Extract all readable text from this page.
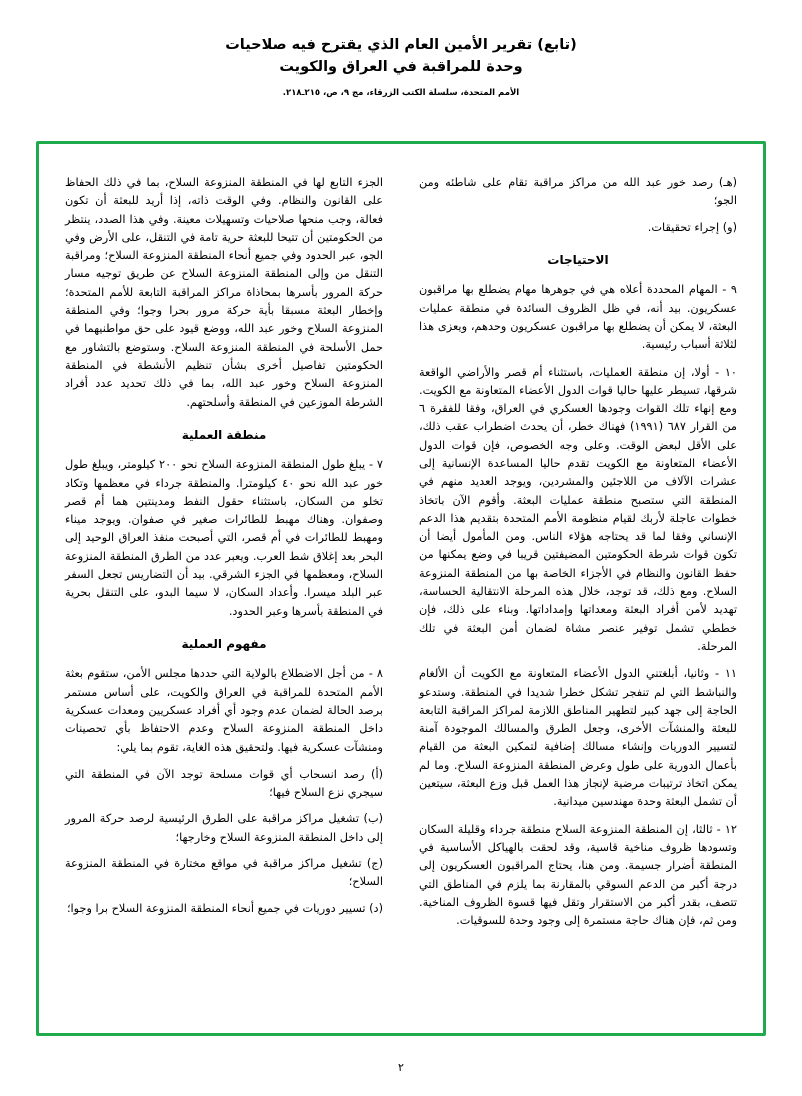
(تابع) تقرير الأمين العام الذي يقترح فيه صلاحيات
وحدة للمراقبة في العراق والكويت
الأمم المتحدة، سلسلة الكتب الزرقاء، مج ٩، ص، ٢١٥ـ٢١٨.

(هـ) رصد خور عبد الله من مراكز مراقبة تقام على شاطئه ومن الجو؛

(و) إجراء تحقيقات.

الاحتياجات

٩ - المهام المحددة أعلاه هي في جوهرها مهام يضطلع بها مراقبون عسكريون. بيد أنه، في ظل الظروف السائدة في منطقة عمليات البعثة، لا يمكن أن يضطلع بها مراقبون عسكريون وحدهم، ويعزى هذا لثلاثة أسباب رئيسية.

١٠ - أولا، إن منطقة العمليات، باستثناء أم قصر والأراضي الواقعة شرقها، تسيطر عليها حاليا قوات الدول الأعضاء المتعاونة مع الكويت. ومع إنهاء تلك القوات وجودها العسكري في العراق، وفقا للفقرة ٦ من القرار ٦٨٧ (١٩٩١) فهناك خطر، أن يحدث اضطراب عقب ذلك، على الأقل لبعض الوقت. وعلى وجه الخصوص، فإن قوات الدول الأعضاء المتعاونة مع الكويت تقدم حاليا المساعدة الإنسانية إلى عشرات الآلاف من اللاجئين والمشردين، ويوجد العديد منهم في المنطقة التي ستصبح منطقة عمليات البعثة. وأقوم الآن باتخاذ خطوات عاجلة لأربك لقيام منظومة الأمم المتحدة بتقديم هذا الدعم الإنساني وفقا لما قد يحتاجه هؤلاء الناس. ومن المأمول أيضا أن تكون قوات شرطة الحكومتين المضيفتين قريبا في وضع يمكنها من حفظ القانون والنظام في الأجزاء الخاصة بها من المنطقة المنزوعة السلاح. ومع ذلك، قد توجد، خلال هذه المرحلة الانتقالية الحساسة، تهديد لأمن أفراد البعثة ومعداتها وإمداداتها. وبناء على ذلك، فإن خططي تشمل توفير عنصر مشاة لضمان أمن البعثة في تلك المرحلة.

١١ - وثانيا، أبلغتني الدول الأعضاء المتعاونة مع الكويت أن الألغام والنباشط التي لم تنفجر تشكل خطرا شديدا في المنطقة. وستدعو الحاجة إلى جهد كبير لتطهير المناطق اللازمة لمراكز المراقبة التابعة للبعثة والمنشآت الأخرى، وجعل الطرق والمسالك الموجودة آمنة لتسيير الدوريات وإنشاء مسالك إضافية لتمكين البعثة من القيام بأعمال الدورية على طول وعرض المنطقة المنزوعة السلاح. وما لم يمكن اتخاذ ترتيبات مرضية لإنجاز هذا العمل قبل وزع البعثة، سيتعين أن تشمل البعثة وحدة مهندسين ميدانية.

١٢ - ثالثا، إن المنطقة المنزوعة السلاح منطقة جرداء وقليلة السكان وتسودها ظروف مناخية قاسية، وقد لحقت بالهياكل الأساسية في المنطقة أضرار جسيمة. ومن هنا، يحتاج المراقبون العسكريون إلى درجة أكبر من الدعم السوقي بالمقارنة بما يلزم في المناطق التي تتصف، بقدر أكبر من الاستقرار وتقل فيها قسوة الظروف المناخية. ومن ثم، فإن هناك حاجة مستمرة إلى وجود وحدة للسوقيات.

الجزء التابع لها في المنطقة المنزوعة السلاح، بما في ذلك الحفاظ على القانون والنظام. وفي الوقت ذاته، إذا أريد للبعثة أن تكون فعالة، وجب منحها صلاحيات وتسهيلات معينة. وفي هذا الصدد، ينتظر من الحكومتين أن تتيحا للبعثة حرية تامة في التنقل، على الأرض وفي الجو، عبر الحدود وفي جميع أنحاء المنطقة المنزوعة السلاح؛ ومراقبة التنقل من وإلى المنطقة المنزوعة السلاح عن طريق توجيه مسار حركة المرور بأسرها بمحاذاة مراكز المراقبة التابعة للأمم المتحدة؛ وإخطار البعثة مسبقا بأية حركة مرور بحرا وجوا؛ وفي المنطقة المنزوعة السلاح وخور عبد الله، ووضع قيود على حق مواطنيهما في حمل الأسلحة في المنطقة المنزوعة السلاح. وستوضع بالتشاور مع الحكومتين تفاصيل أخرى بشأن تنظيم الأنشطة في المنطقة المنزوعة السلاح وخور عبد الله، بما في ذلك تحديد عدد أفراد الشرطة الموزعين في المنطقة وأسلحتهم.

منطقة العملية

٧ - يبلغ طول المنطقة المنزوعة السلاح نحو ٢٠٠ كيلومتر، ويبلغ طول خور عبد الله نحو ٤٠ كيلومترا. والمنطقة جرداء في معظمها وتكاد تخلو من السكان، باستثناء حقول النفط ومدينتين هما أم قصر وصفوان. وهناك مهبط للطائرات صغير في صفوان. ويوجد ميناء ومهبط للطائرات في أم قصر، التي أصبحت منفذ العراق الوحيد إلى البحر بعد إغلاق شط العرب. ويعبر عدد من الطرق المنطقة المنزوعة السلاح، ومعظمها في الجزء الشرقي. بيد أن التضاريس تجعل السفر عبر البلد ميسرا. وأعداد السكان، لا سيما البدو، على التنقل بحرية في المنطقة بأسرها وعبر الحدود.

مفهوم العملية

٨ - من أجل الاضطلاع بالولاية التي حددها مجلس الأمن، ستقوم بعثة الأمم المتحدة للمراقبة في العراق والكويت، على أساس مستمر برصد الحالة لضمان عدم وجود أي أفراد عسكريين ومعدات عسكرية داخل المنطقة المنزوعة السلاح وعدم الاحتفاظ بأي تحصينات ومنشآت عسكرية فيها. ولتحقيق هذه الغاية، تقوم بما يلي:

(أ) رصد انسحاب أي قوات مسلحة توجد الآن في المنطقة التي سيجري نزع السلاح فيها؛

(ب) تشغيل مراكز مراقبة على الطرق الرئيسية لرصد حركة المرور إلى داخل المنطقة المنزوعة السلاح وخارجها؛

(ج) تشغيل مراكز مراقبة في مواقع مختارة في المنطقة المنزوعة السلاح؛

(د) تسيير دوريات في جميع أنحاء المنطقة المنزوعة السلاح برا وجوا؛

٢
